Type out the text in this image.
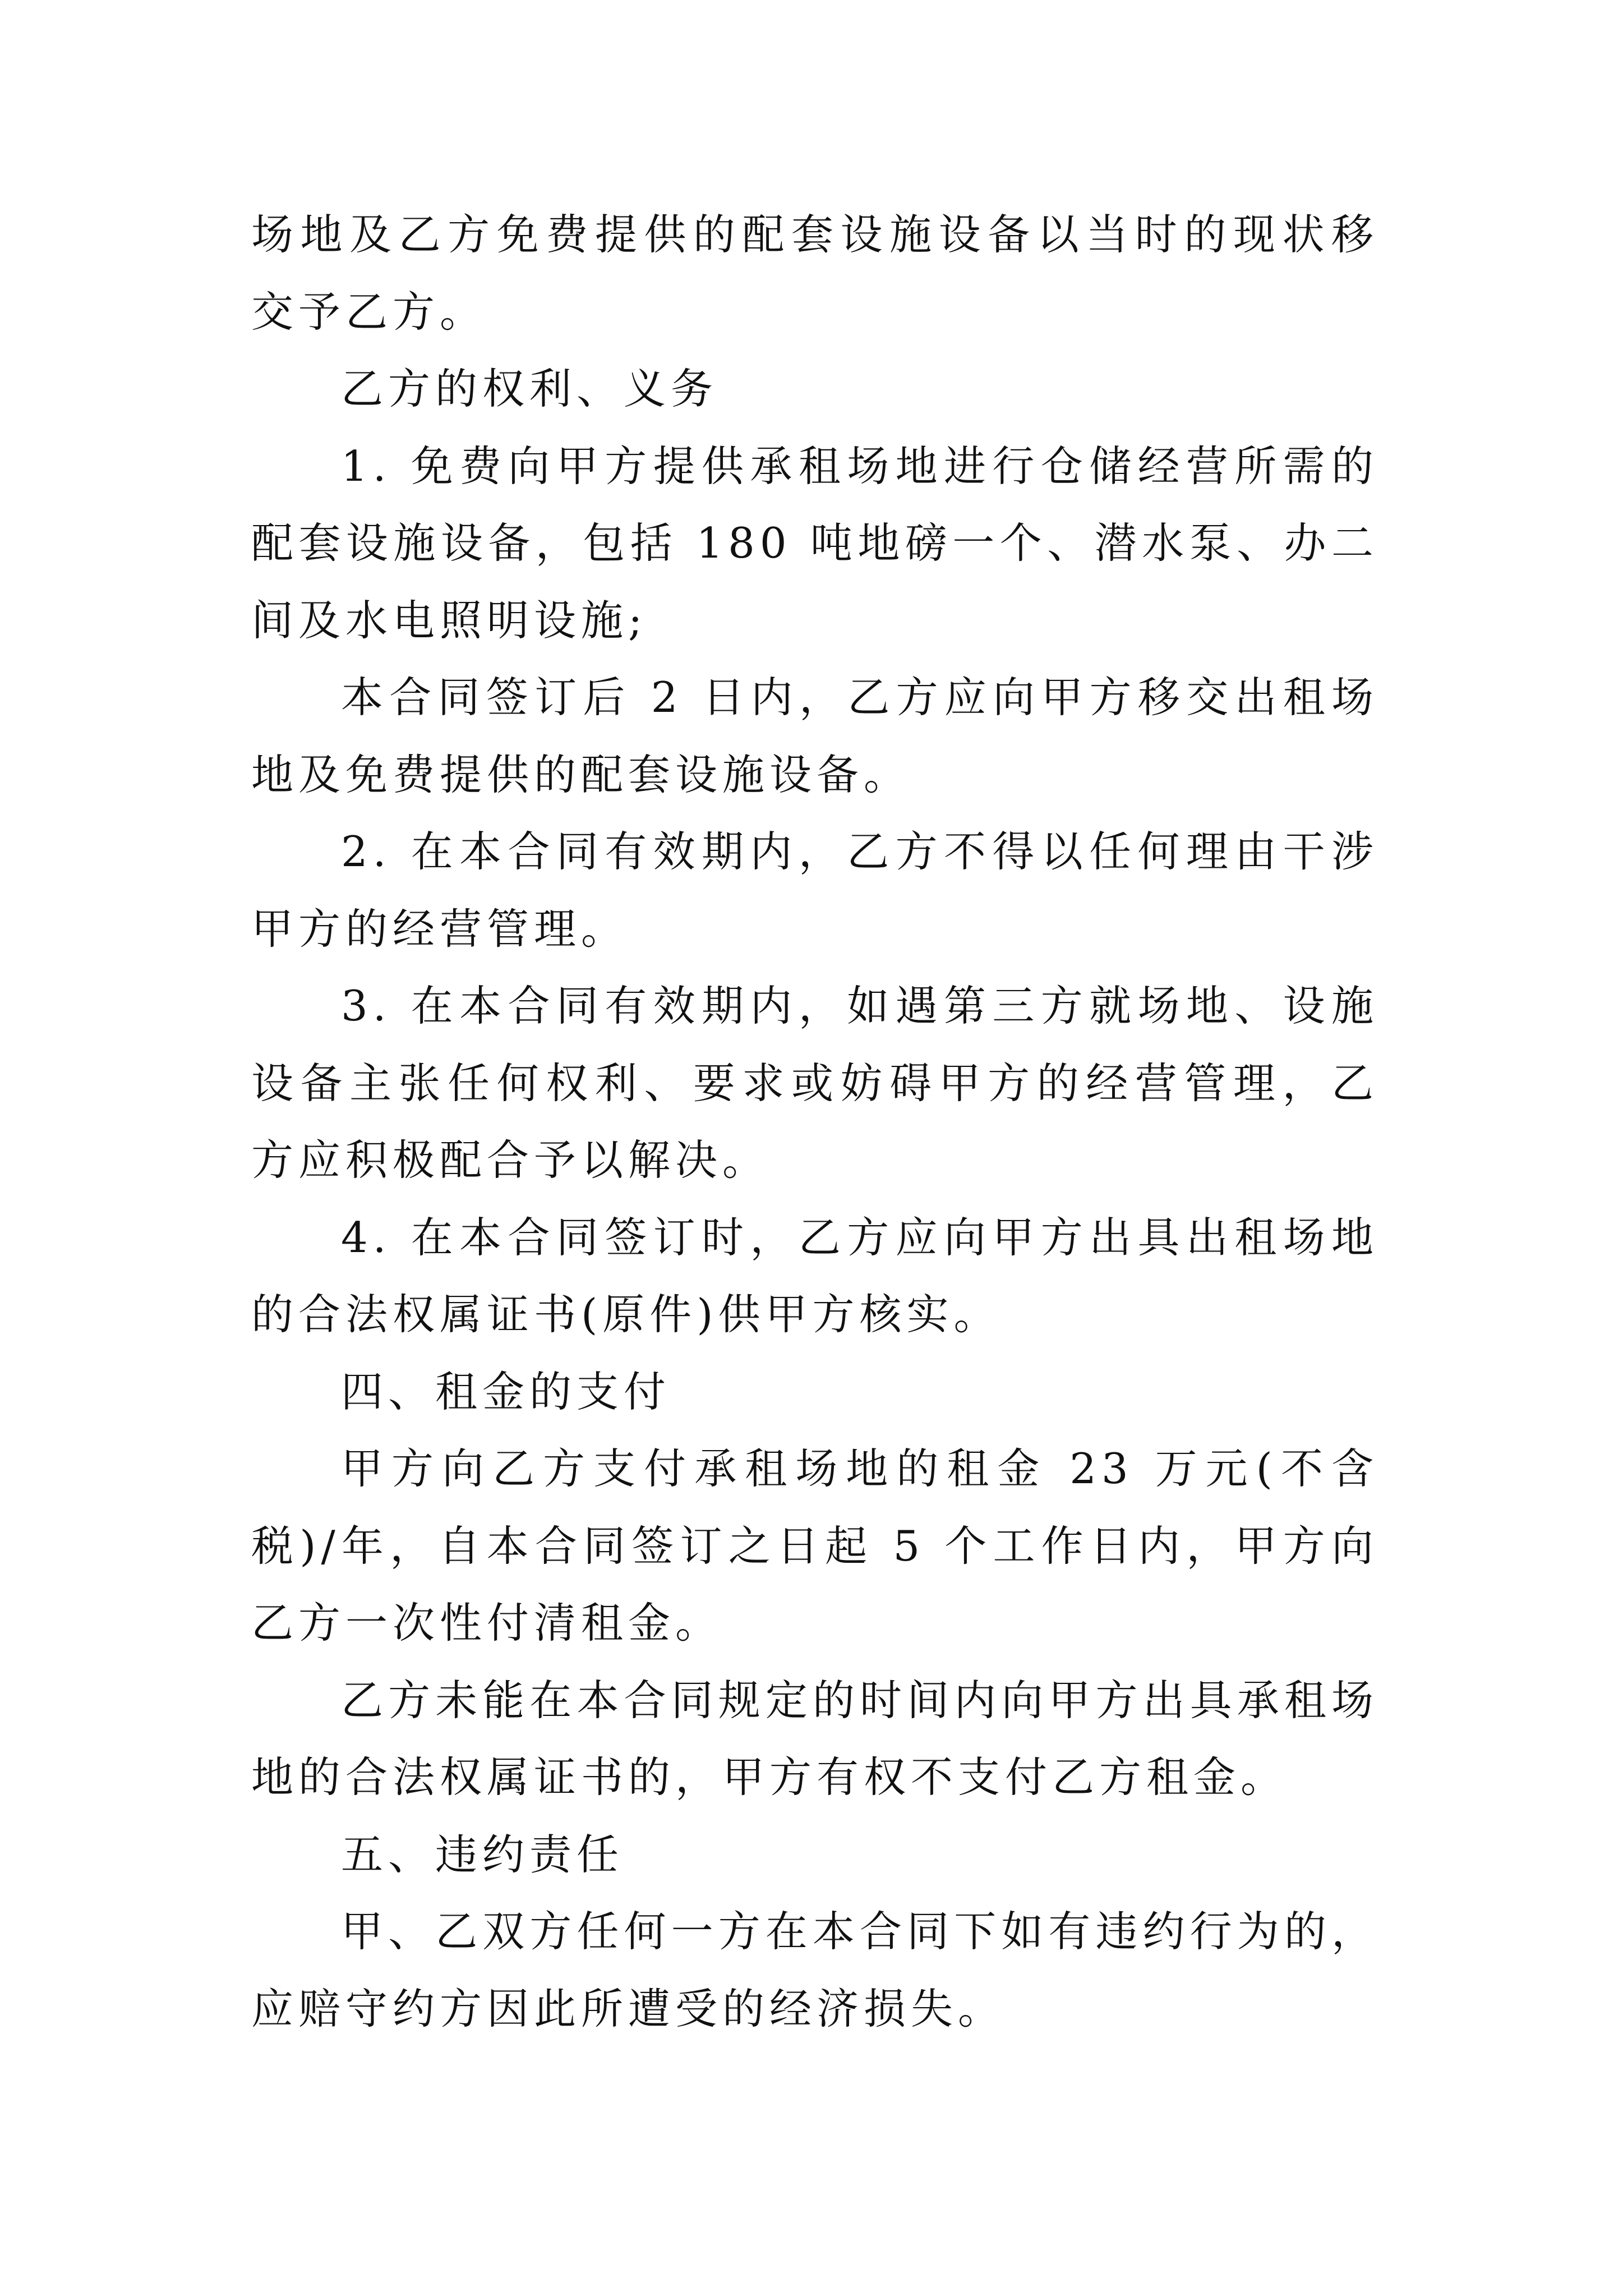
场地及乙方免费提供的配套设施设备以当时的现状移交予乙方。

乙方的权利、义务

1. 免费向甲方提供承租场地进行仓储经营所需的配套设施设备，包括 180 吨地磅一个、潜水泵、办二间及水电照明设施;

本合同签订后 2 日内，乙方应向甲方移交出租场地及免费提供的配套设施设备。

2. 在本合同有效期内，乙方不得以任何理由干涉甲方的经营管理。

3. 在本合同有效期内，如遇第三方就场地、设施设备主张任何权利、要求或妨碍甲方的经营管理，乙方应积极配合予以解决。

4. 在本合同签订时，乙方应向甲方出具出租场地的合法权属证书(原件)供甲方核实。

四、租金的支付

甲方向乙方支付承租场地的租金 23 万元(不含税)/年，自本合同签订之日起 5 个工作日内，甲方向乙方一次性付清租金。

乙方未能在本合同规定的时间内向甲方出具承租场地的合法权属证书的，甲方有权不支付乙方租金。

五、违约责任

甲、乙双方任何一方在本合同下如有违约行为的，应赔守约方因此所遭受的经济损失。
